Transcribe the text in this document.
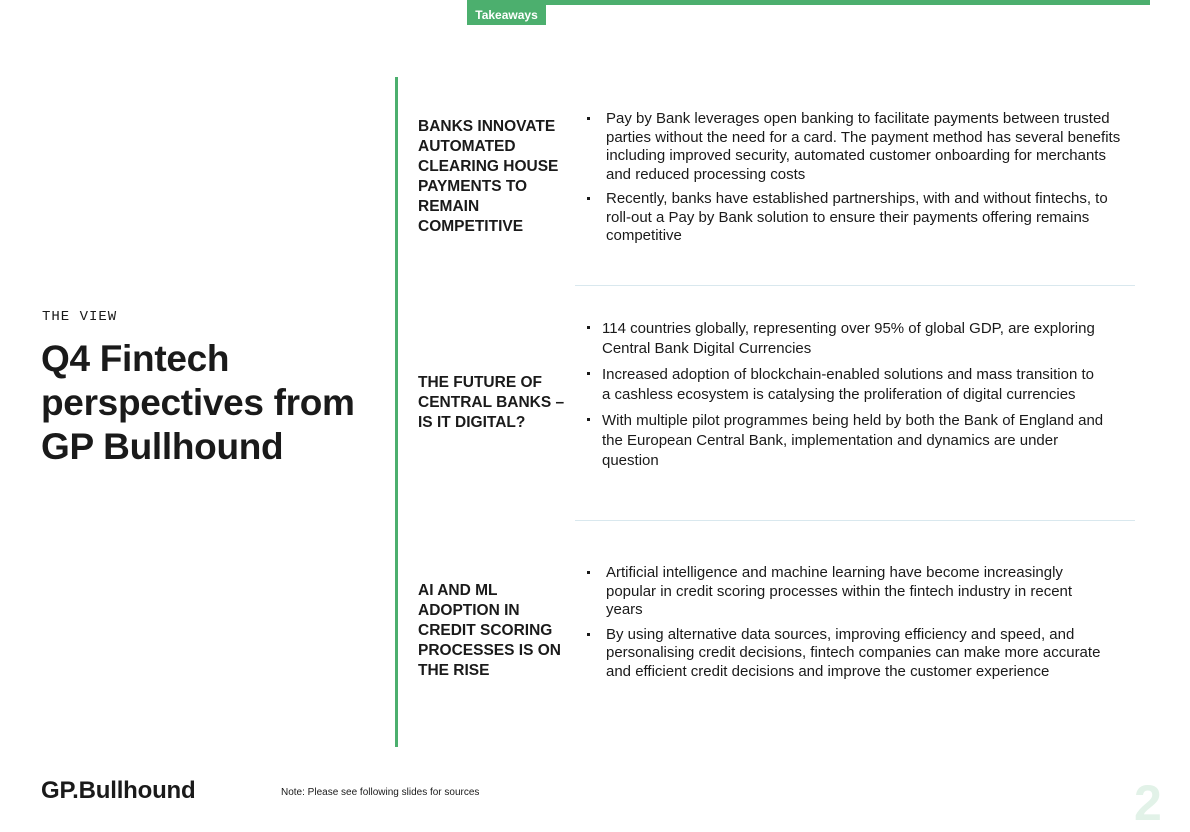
Takeaways
THE VIEW
Q4 Fintech perspectives from GP Bullhound
BANKS INNOVATE AUTOMATED CLEARING HOUSE PAYMENTS TO REMAIN COMPETITIVE
Pay by Bank leverages open banking to facilitate payments between trusted parties without the need for a card. The payment method has several benefits including improved security, automated customer onboarding for merchants and reduced processing costs
Recently, banks have established partnerships, with and without fintechs, to roll-out a Pay by Bank solution to ensure their payments offering remains competitive
THE FUTURE OF CENTRAL BANKS – IS IT DIGITAL?
114 countries globally, representing over 95% of global GDP, are exploring Central Bank Digital Currencies
Increased adoption of blockchain-enabled solutions and mass transition to a cashless ecosystem is catalysing the proliferation of digital currencies
With multiple pilot programmes being held by both the Bank of England and the European Central Bank, implementation and dynamics are under question
AI AND ML ADOPTION IN CREDIT SCORING PROCESSES IS ON THE RISE
Artificial intelligence and machine learning have become increasingly popular in credit scoring processes within the fintech industry in recent years
By using alternative data sources, improving efficiency and speed, and personalising credit decisions, fintech companies can make more accurate and efficient credit decisions and improve the customer experience
GP.Bullhound	Note: Please see following slides for sources	2
